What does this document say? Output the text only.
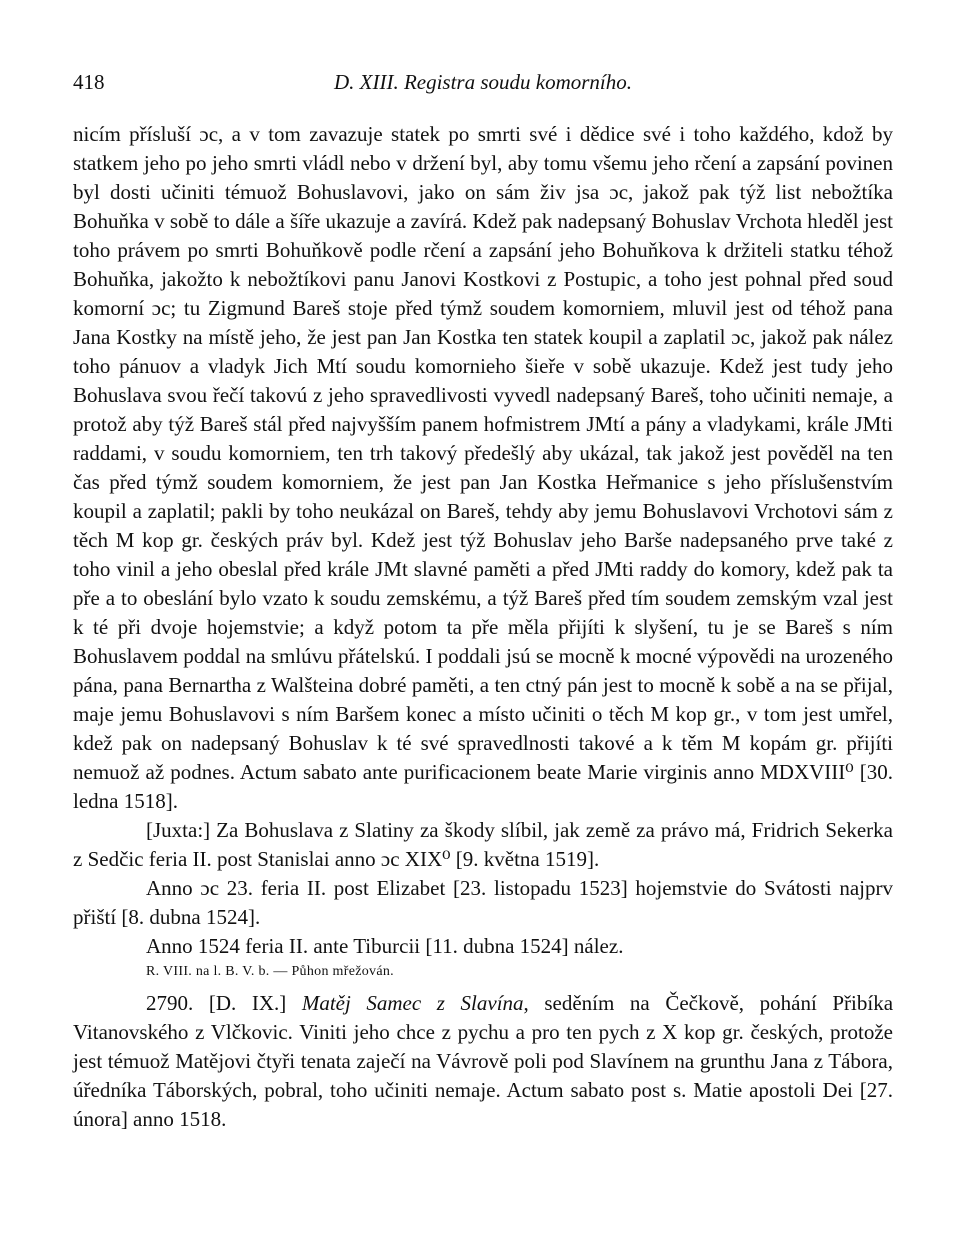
418	D. XIII. Registra soudu komorního.

nicím přísluší ɔc, a v tom zavazuje statek po smrti své i dědice své i toho každého, kdož by statkem jeho po jeho smrti vládl nebo v držení byl, aby tomu všemu jeho rčení a zapsání povinen byl dosti učiniti témuož Bohuslavovi, jako on sám živ jsa ɔc, jakož pak týž list nebožtíka Bohuňka v sobě to dále a šíře ukazuje a zavírá. Kdež pak nadepsaný Bohuslav Vrchota hleděl jest toho právem po smrti Bohuňkově podle rčení a zapsání jeho Bohuňkova k držiteli statku téhož Bohuňka, jakožto k nebožtíkovi panu Janovi Kostkovi z Postupic, a toho jest pohnal před soud komorní ɔc; tu Zigmund Bareš stoje před týmž soudem komorniem, mluvil jest od téhož pana Jana Kostky na místě jeho, že jest pan Jan Kostka ten statek koupil a zaplatil ɔc, jakož pak nález toho pánuov a vladyk Jich Mtí soudu komornieho šieře v sobě ukazuje. Kdež jest tudy jeho Bohuslava svou řečí takovú z jeho spravedlivosti vyvedl nadepsaný Bareš, toho učiniti nemaje, a protož aby týž Bareš stál před najvyšším panem hofmistrem JMtí a pány a vladykami, krále JMti raddami, v soudu komorniem, ten trh takový předešlý aby ukázal, tak jakož jest pověděl na ten čas před týmž soudem komorniem, že jest pan Jan Kostka Heřmanice s jeho příslušenstvím koupil a zaplatil; pakli by toho neukázal on Bareš, tehdy aby jemu Bohuslavovi Vrchotovi sám z těch M kop gr. českých práv byl. Kdež jest týž Bohuslav jeho Barše nadepsaného prve také z toho vinil a jeho obeslal před krále JMt slavné paměti a před JMti raddy do komory, kdež pak ta pře a to obeslání bylo vzato k soudu zemskému, a týž Bareš před tím soudem zemským vzal jest k té při dvoje hojemstvie; a když potom ta pře měla přijíti k slyšení, tu je se Bareš s ním Bohuslavem poddal na smlúvu přátelskú. I poddali jsú se mocně k mocné výpovědi na urozeného pána, pana Bernartha z Walšteina dobré paměti, a ten ctný pán jest to mocně k sobě a na se přijal, maje jemu Bohuslavovi s ním Baršem konec a místo učiniti o těch M kop gr., v tom jest umřel, kdež pak on nadepsaný Bohuslav k té své spravedlnosti takové a k těm M kopám gr. přijíti nemuož až podnes. Actum sabato ante purificacionem beate Marie virginis anno MDXVIII⁰ [30. ledna 1518].

[Juxta:] Za Bohuslava z Slatiny za škody slíbil, jak země za právo má, Fridrich Sekerka z Sedčic feria II. post Stanislai anno ɔc XIX⁰ [9. května 1519].

Anno ɔc 23. feria II. post Elizabet [23. listopadu 1523] hojemstvie do Svátosti najprv přiští [8. dubna 1524].

Anno 1524 feria II. ante Tiburcii [11. dubna 1524] nález.

R. VIII. na l. B. V. b. — Půhon mřežován.

2790. [D. IX.] Matěj Samec z Slavína, seděním na Čečkově, pohání Přibíka Vitanovského z Vlčkovic. Viniti jeho chce z pychu a pro ten pych z X kop gr. českých, protože jest témuož Matějovi čtyři tenata zaječí na Vávrově poli pod Slavínem na grunthu Jana z Tábora, úředníka Táborských, pobral, toho učiniti nemaje. Actum sabato post s. Matie apostoli Dei [27. února] anno 1518.
